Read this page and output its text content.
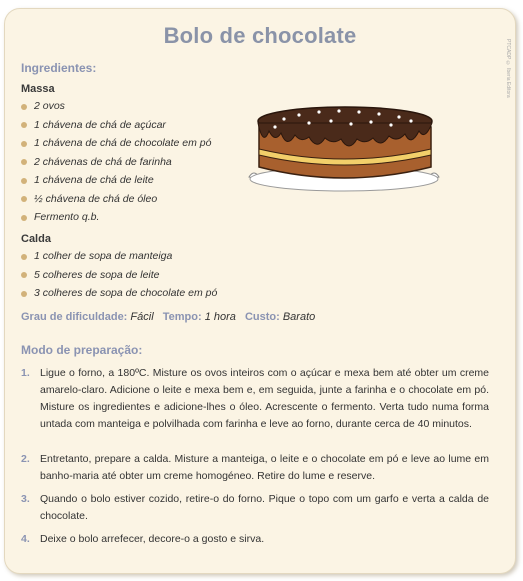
Bolo de chocolate
PTCADP © Iberia Editora
Ingredientes:
Massa
2 ovos
1 chávena de chá de açúcar
1 chávena de chá de chocolate em pó
2 chávenas de chá de farinha
1 chávena de chá de leite
½ chávena de chá de óleo
Fermento q.b.
Calda
1 colher de sopa de manteiga
5 colheres de sopa de leite
3 colheres de sopa de chocolate em pó
Grau de dificuldade: Fácil Tempo: 1 hora Custo: Barato
Modo de preparação:
1. Ligue o forno, a 180ºC. Misture os ovos inteiros com o açúcar e mexa bem até obter um creme amarelo-claro. Adicione o leite e mexa bem e, em seguida, junte a farinha e o chocolate em pó. Misture os ingredientes e adicione-lhes o óleo. Acrescente o fermento. Verta tudo numa forma untada com manteiga e polvilhada com farinha e leve ao forno, durante cerca de 40 minutos.
2. Entretanto, prepare a calda. Misture a manteiga, o leite e o chocolate em pó e leve ao lume em banho-maria até obter um creme homogéneo. Retire do lume e reserve.
3. Quando o bolo estiver cozido, retire-o do forno. Pique o topo com um garfo e verta a calda de chocolate.
4. Deixe o bolo arrefecer, decore-o a gosto e sirva.
